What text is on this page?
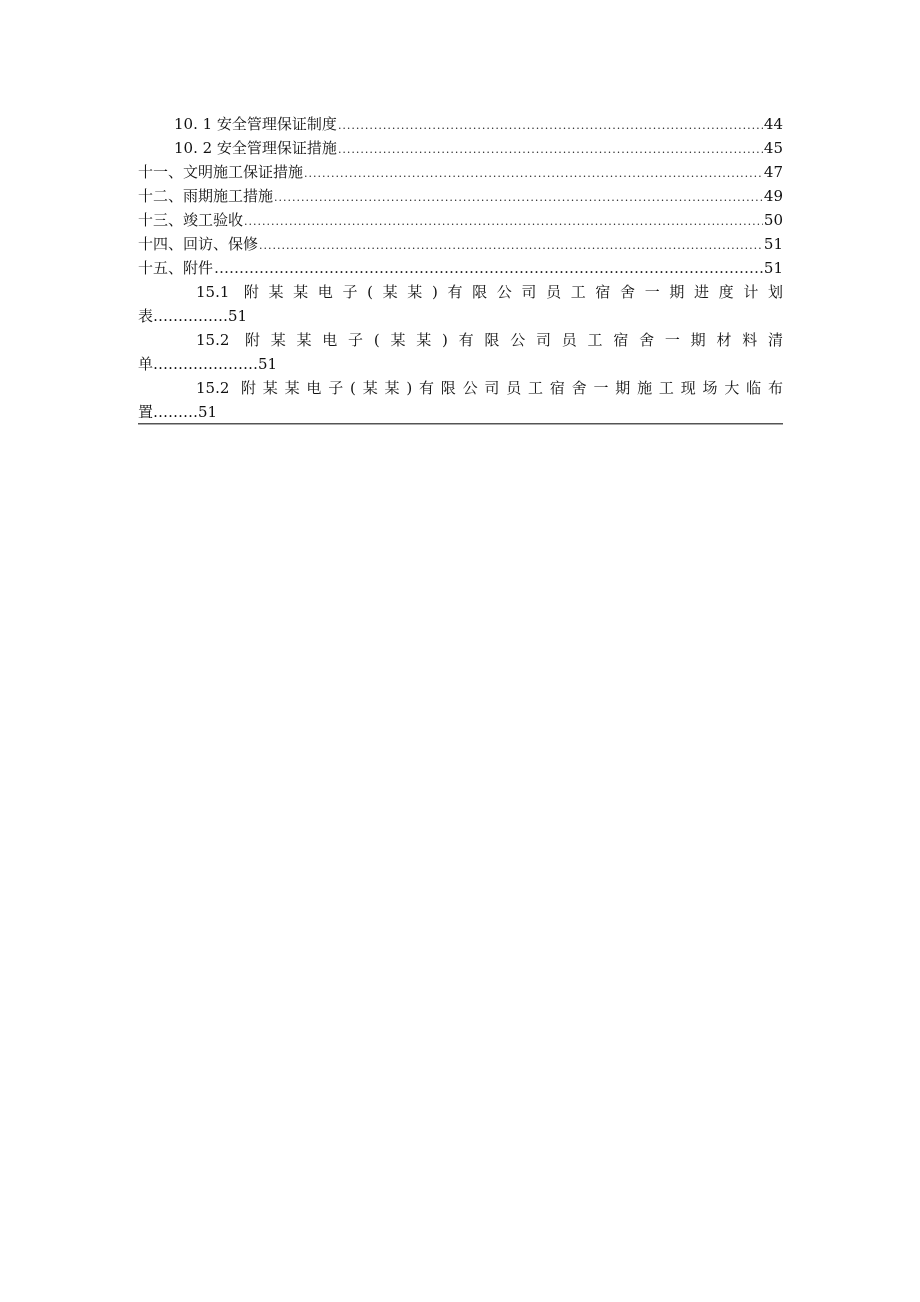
10. 1 安全管理保证制度 .....	44
10. 2 安全管理保证措施 .....	45
十一、文明施工保证措施 .....	47
十二、雨期施工措施 .....	49
十三、竣工验收 .....	50
十四、回访、保修 .....	51
十五、附件 …………………………………………………………………………………………………………………………	51
15.1 附某某电子(某某)有限公司员工宿舍一期进度计划
表……………51
15.2 附某某电子(某某)有限公司员工宿舍一期材料清
单…………………51
15.2 附某某电子(某某)有限公司员工宿舍一期施工现场大临布
置………51
